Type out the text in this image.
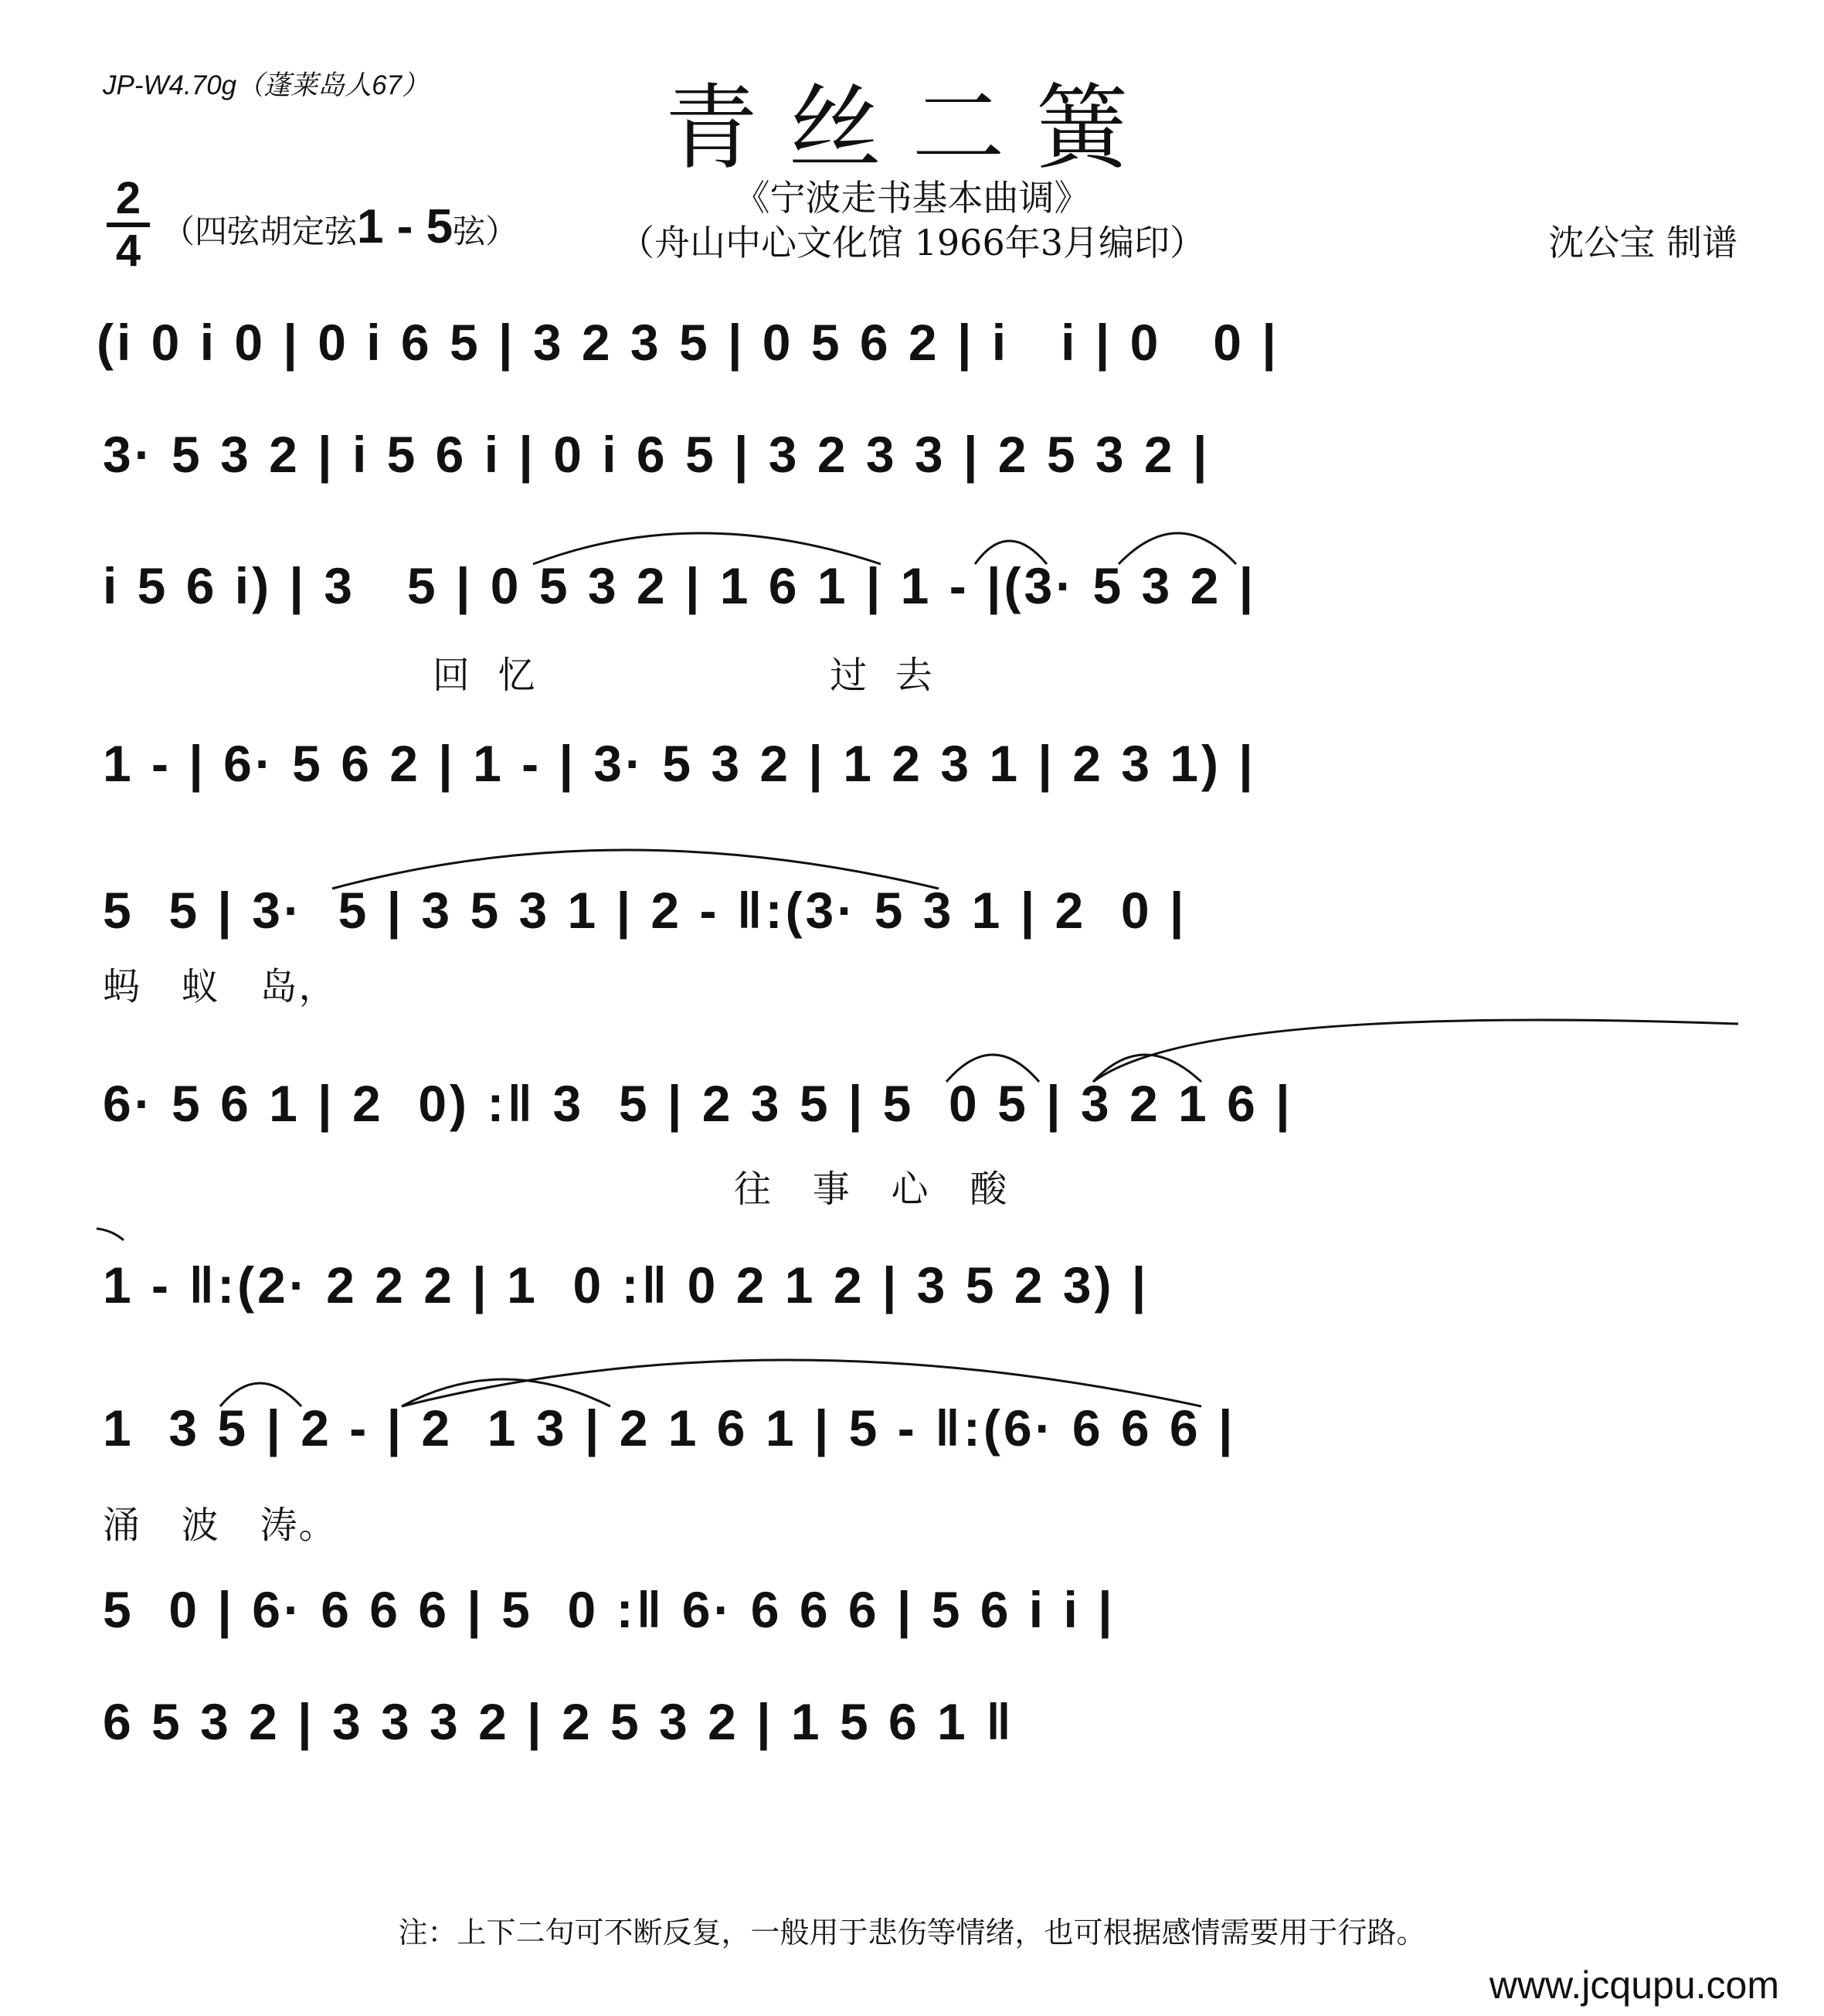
JP-W4.70g（蓬莱岛人67）	青丝二簧
《宁波走书基本曲调》
（舟山中心文化馆 1966年3月编印）	沈公宝 制谱
2
4 （四弦胡定弦1 - 5弦）
(i 0 i 0 | 0 i 6 5 | 3 2 3 5 | 0 5 6 2 | i   i | 0   0 |
3· 5 3 2 | i 5 6 i | 0 i 6 5 | 3 2 3 3 | 2 5 3 2 |
i 5 6 i) | 3   5 | 0 5 3 2 | 1 6 1 | 1 - |(3· 5 3 2 |
回  忆                      过  去
1 - | 6· 5 6 2 | 1 - | 3· 5 3 2 | 1 2 3 1 | 2 3 1) |
5  5 | 3·  5 | 3 5 3 1 | 2 - ‖:(3· 5 3 1 | 2  0 |
蚂   蚁   岛，
6· 5 6 1 | 2  0) :‖ 3  5 | 2 3 5 | 5  0 5 | 3 2 1 6 |
往   事   心   酸
1 - ‖:(2· 2 2 2 | 1  0 :‖ 0 2 1 2 | 3 5 2 3) |
1  3 5 | 2 - | 2  1 3 | 2 1 6 1 | 5 - ‖:(6· 6 6 6 |
涌   波   涛。
5  0 | 6· 6 6 6 | 5  0 :‖ 6· 6 6 6 | 5 6 i i |
6 5 3 2 | 3 3 3 2 | 2 5 3 2 | 1 5 6 1 ‖
注：上下二句可不断反复，一般用于悲伤等情绪，也可根据感情需要用于行路。
www.jcqupu.com
